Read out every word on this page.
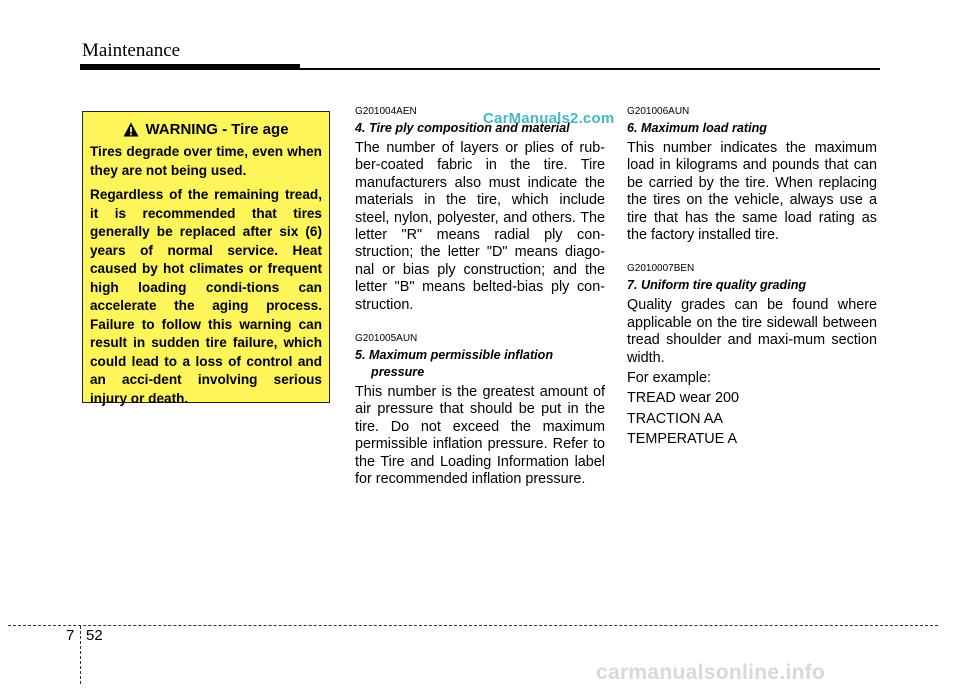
Maintenance
WARNING - Tire age

Tires degrade over time, even when they are not being used.

Regardless of the remaining tread, it is recommended that tires generally be replaced after six (6) years of normal service. Heat caused by hot climates or frequent high loading condi-tions can accelerate the aging process. Failure to follow this warning can result in sudden tire failure, which could lead to a loss of control and an acci-dent involving serious injury or death.

CarManuals2.com
G201004AEN
4. Tire ply composition and material

The number of layers or plies of rub-ber-coated fabric in the tire. Tire manufacturers also must indicate the materials in the tire, which include steel, nylon, polyester, and others. The letter "R" means radial ply con-struction; the letter "D" means diago-nal or bias ply construction; and the letter "B" means belted-bias ply con-struction.

G201005AUN
5. Maximum permissible inflation
pressure

This number is the greatest amount of air pressure that should be put in the tire. Do not exceed the maximum permissible inflation pressure. Refer to the Tire and Loading Information label for recommended inflation pressure.

G201006AUN
6. Maximum load rating

This number indicates the maximum load in kilograms and pounds that can be carried by the tire. When replacing the tires on the vehicle, always use a tire that has the same load rating as the factory installed tire.

G2010007BEN
7. Uniform tire quality grading

Quality grades can be found where applicable on the tire sidewall between tread shoulder and maxi-mum section width.

For example:
TREAD wear 200
TRACTION AA
TEMPERATUE A
7 52
carmanualsonline.info
